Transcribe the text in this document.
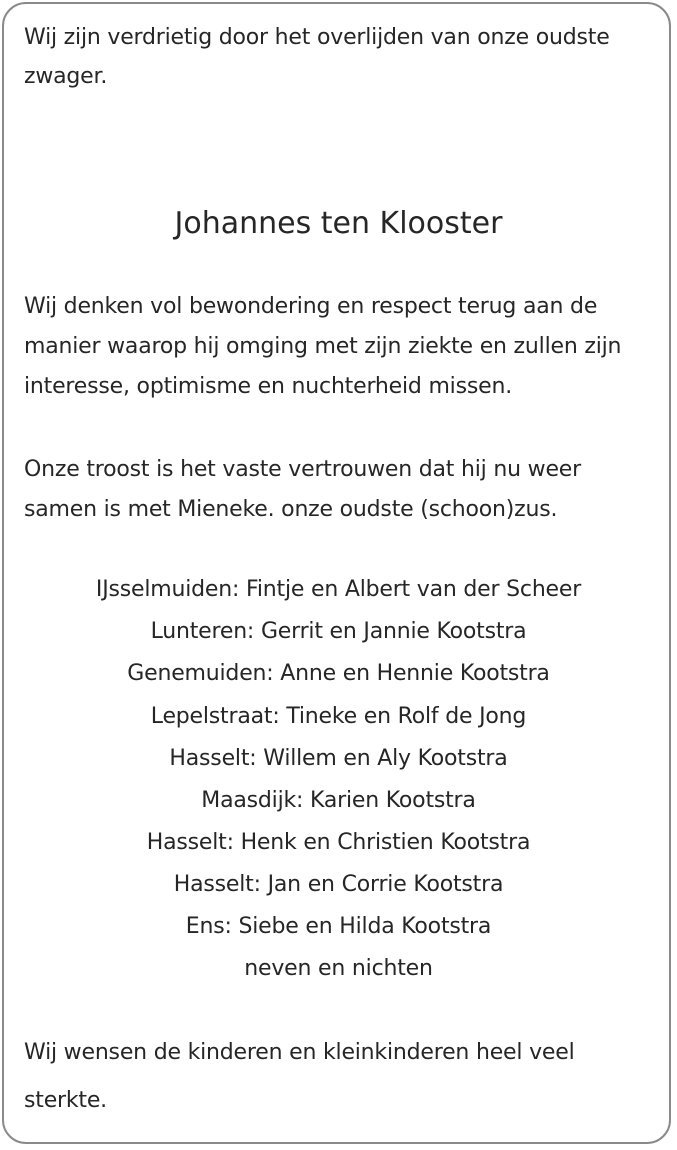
Wij zijn verdrietig door het overlijden van onze oudste
zwager.
Johannes ten Klooster
Wij denken vol bewondering en respect terug aan de
manier waarop hij omging met zijn ziekte en zullen zijn
interesse, optimisme en nuchterheid missen.
Onze troost is het vaste vertrouwen dat hij nu weer
samen is met Mieneke. onze oudste (schoon)zus.
IJsselmuiden: Fintje en Albert van der Scheer
Lunteren: Gerrit en Jannie Kootstra
Genemuiden: Anne en Hennie Kootstra
Lepelstraat: Tineke en Rolf de Jong
Hasselt: Willem en Aly Kootstra
Maasdijk: Karien Kootstra
Hasselt: Henk en Christien Kootstra
Hasselt: Jan en Corrie Kootstra
Ens: Siebe en Hilda Kootstra
neven en nichten
Wij wensen de kinderen en kleinkinderen heel veel
sterkte.
